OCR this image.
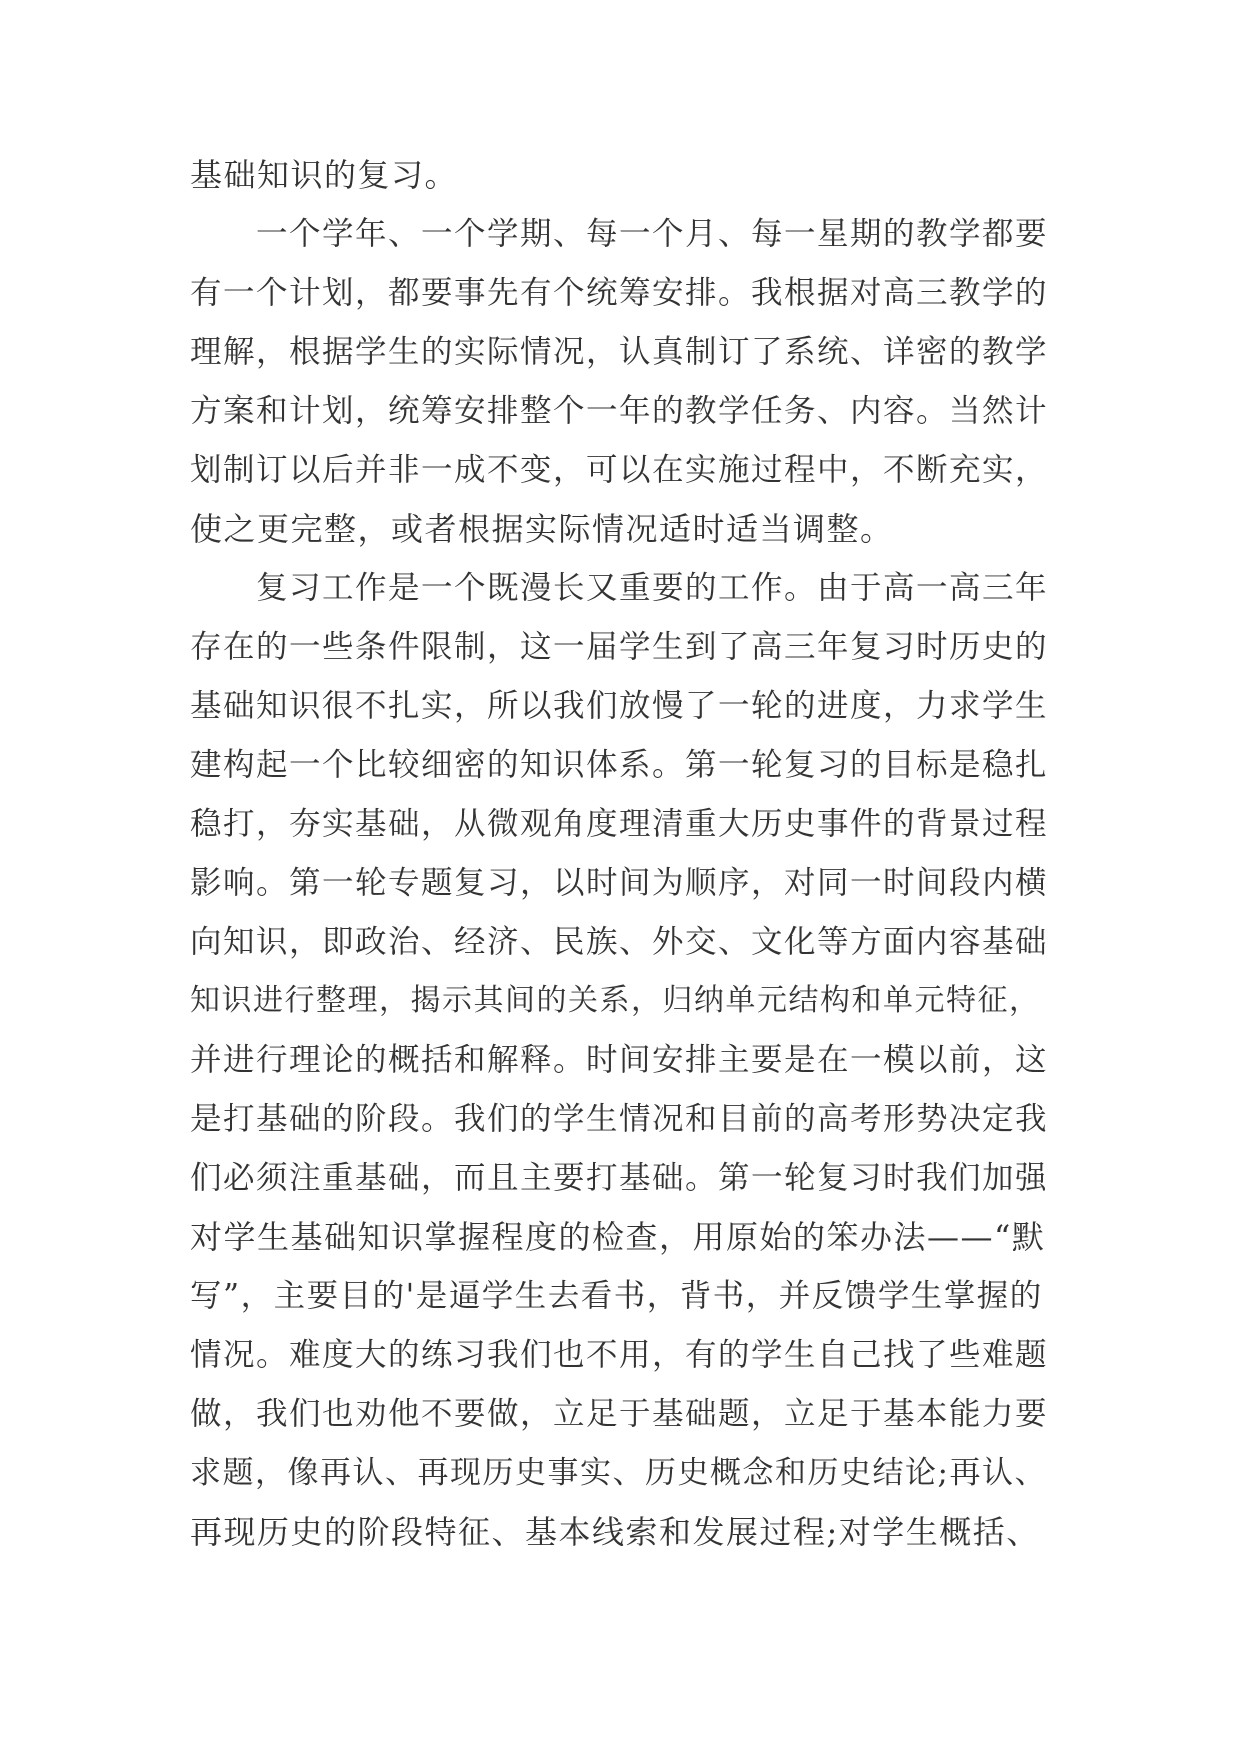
基础知识的复习。
一个学年、一个学期、每一个月、每一星期的教学都要
有一个计划，都要事先有个统筹安排。我根据对高三教学的
理解，根据学生的实际情况，认真制订了系统、详密的教学
方案和计划，统筹安排整个一年的教学任务、内容。当然计
划制订以后并非一成不变，可以在实施过程中，不断充实，
使之更完整，或者根据实际情况适时适当调整。
复习工作是一个既漫长又重要的工作。由于高一高三年
存在的一些条件限制，这一届学生到了高三年复习时历史的
基础知识很不扎实，所以我们放慢了一轮的进度，力求学生
建构起一个比较细密的知识体系。第一轮复习的目标是稳扎
稳打，夯实基础，从微观角度理清重大历史事件的背景过程
影响。第一轮专题复习，以时间为顺序，对同一时间段内横
向知识，即政治、经济、民族、外交、文化等方面内容基础
知识进行整理，揭示其间的关系，归纳单元结构和单元特征，
并进行理论的概括和解释。时间安排主要是在一模以前，这
是打基础的阶段。我们的学生情况和目前的高考形势决定我
们必须注重基础，而且主要打基础。第一轮复习时我们加强
对学生基础知识掌握程度的检查，用原始的笨办法——“默
写”，主要目的'是逼学生去看书，背书，并反馈学生掌握的
情况。难度大的练习我们也不用，有的学生自己找了些难题
做，我们也劝他不要做，立足于基础题，立足于基本能力要
求题，像再认、再现历史事实、历史概念和历史结论;再认、
再现历史的阶段特征、基本线索和发展过程;对学生概括、
